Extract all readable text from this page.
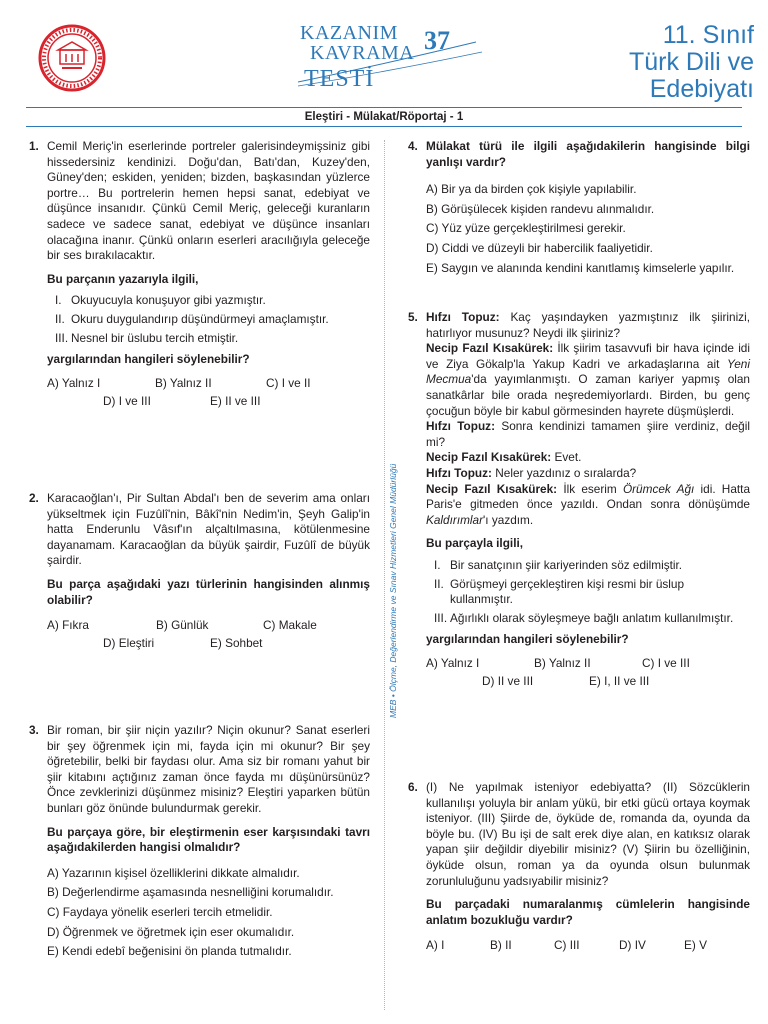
KAZANIM
KAVRAMA
TESTİ
37	11. Sınıf
Türk Dili ve
Edebiyatı
Eleştiri - Mülakat/Röportaj - 1
MEB • Ölçme, Değerlendirme ve Sınav Hizmetleri Genel Müdürlüğü
1. Cemil Meriç'in eserlerinde portreler galerisindeymişsiniz gibi hissedersiniz kendinizi. Doğu'dan, Batı'dan, Kuzey'den, Güney'den; eskiden, yeniden; bizden, başkasından yüzlerce portre… Bu portrelerin hemen hepsi sanat, edebiyat ve düşünce insanıdır. Çünkü Cemil Meriç, geleceği kuranların sadece ve sadece sanat, edebiyat ve düşünce insanları olacağına inanır. Çünkü onların eserleri aracılığıyla geleceğe bir ses bırakılacaktır.

Bu parçanın yazarıyla ilgili,

I. Okuyucuyla konuşuyor gibi yazmıştır.
II. Okuru duygulandırıp düşündürmeyi amaçlamıştır.
III. Nesnel bir üslubu tercih etmiştir.

yargılarından hangileri söylenebilir?

A) Yalnız I	B) Yalnız II	C) I ve II
D) I ve III	E) II ve III
2. Karacaoğlan'ı, Pir Sultan Abdal'ı ben de severim ama onları yükseltmek için Fuzûlî'nin, Bâkî'nin Nedim'in, Şeyh Galip'in hatta Enderunlu Vâsıf'ın alçaltılmasına, kötülenmesine dayanamam. Karacaoğlan da büyük şairdir, Fuzûlî de büyük şairdir.

Bu parça aşağıdaki yazı türlerinin hangisinden alınmış olabilir?

A) Fıkra	B) Günlük	C) Makale
D) Eleştiri	E) Sohbet
3. Bir roman, bir şiir niçin yazılır? Niçin okunur? Sanat eserleri bir şey öğrenmek için mi, fayda için mi okunur? Bir şey öğretebilir, belki bir faydası olur. Ama siz bir romanı yahut bir şiir kitabını açtığınız zaman önce fayda mı düşünürsünüz? Önce zevklerinizi düşünmez misiniz? Eleştiri yaparken bütün bunları göz önünde bulundurmak gerekir.

Bu parçaya göre, bir eleştirmenin eser karşısındaki tavrı aşağıdakilerden hangisi olmalıdır?

A) Yazarının kişisel özelliklerini dikkate almalıdır.
B) Değerlendirme aşamasında nesnelliğini korumalıdır.
C) Faydaya yönelik eserleri tercih etmelidir.
D) Öğrenmek ve öğretmek için eser okumalıdır.
E) Kendi edebî beğenisini ön planda tutmalıdır.
4. Mülakat türü ile ilgili aşağıdakilerin hangisinde bilgi yanlışı vardır?

A) Bir ya da birden çok kişiyle yapılabilir.
B) Görüşülecek kişiden randevu alınmalıdır.
C) Yüz yüze gerçekleştirilmesi gerekir.
D) Ciddi ve düzeyli bir habercilik faaliyetidir.
E) Saygın ve alanında kendini kanıtlamış kimselerle yapılır.
5. Hıfzı Topuz: Kaç yaşındayken yazmıştınız ilk şiirinizi, hatırlıyor musunuz? Neydi ilk şiiriniz?

Necip Fazıl Kısakürek: İlk şiirim tasavvufi bir hava içinde idi ve Ziya Gökalp'la Yakup Kadri ve arkadaşlarına ait Yeni Mecmua'da yayımlanmıştı. O zaman kariyer yapmış olan sanatkârlar bile orada neşredemiyorlardı. Birden, bu genç çocuğun böyle bir kabul görmesinden hayrete düşmüşlerdi.

Hıfzı Topuz: Sonra kendinizi tamamen şiire verdiniz, değil mi?

Necip Fazıl Kısakürek: Evet.

Hıfzı Topuz: Neler yazdınız o sıralarda?

Necip Fazıl Kısakürek: İlk eserim Örümcek Ağı idi. Hatta Paris'e gitmeden önce yazıldı. Ondan sonra dönüşümde Kaldırımlar'ı yazdım.

Bu parçayla ilgili,

I. Bir sanatçının şiir kariyerinden söz edilmiştir.
II. Görüşmeyi gerçekleştiren kişi resmi bir üslup kullanmıştır.
III. Ağırlıklı olarak söyleşmeye bağlı anlatım kullanılmıştır.

yargılarından hangileri söylenebilir?

A) Yalnız I	B) Yalnız II	C) I ve III
D) II ve III	E) I, II ve III
6. (I) Ne yapılmak isteniyor edebiyatta? (II) Sözcüklerin kullanılışı yoluyla bir anlam yükü, bir etki gücü ortaya koymak isteniyor. (III) Şiirde de, öyküde de, romanda da, oyunda da böyle bu. (IV) Bu işi de salt erek diye alan, en katıksız olarak yapan şiir değildir diyebilir misiniz? (V) Şiirin bu özelliğinin, öyküde olsun, roman ya da oyunda olsun bulunmak zorunluluğunu yadsıyabilir misiniz?

Bu parçadaki numaralanmış cümlelerin hangisinde anlatım bozukluğu vardır?

A) I	B) II	C) III	D) IV	E) V
